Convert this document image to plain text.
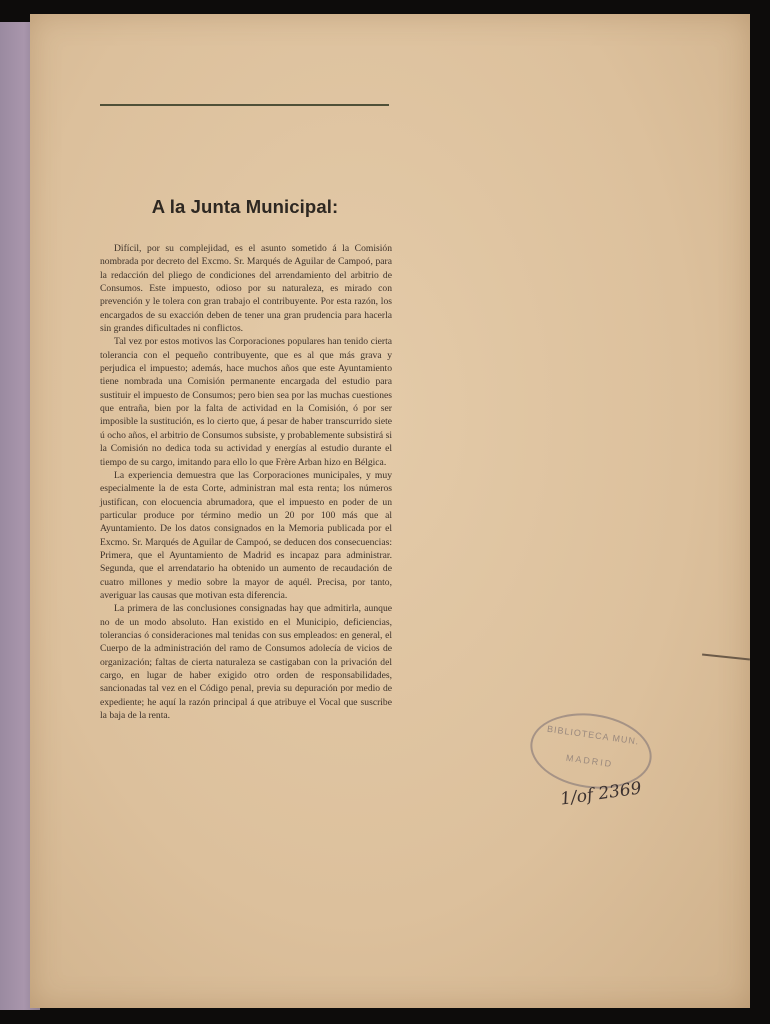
A la Junta Municipal:

Difícil, por su complejidad, es el asunto sometido á la Comisión nombrada por decreto del Excmo. Sr. Marqués de Aguilar de Campoó, para la redacción del pliego de condiciones del arrendamiento del arbitrio de Consumos. Este impuesto, odioso por su naturaleza, es mirado con prevención y le tolera con gran trabajo el contribuyente. Por esta razón, los encargados de su exacción deben de tener una gran prudencia para hacerla sin grandes dificultades ni conflictos.

Tal vez por estos motivos las Corporaciones populares han tenido cierta tolerancia con el pequeño contribuyente, que es al que más grava y perjudica el impuesto; además, hace muchos años que este Ayuntamiento tiene nombrada una Comisión permanente encargada del estudio para sustituir el impuesto de Consumos; pero bien sea por las muchas cuestiones que entraña, bien por la falta de actividad en la Comisión, ó por ser imposible la sustitución, es lo cierto que, á pesar de haber transcurrido siete ú ocho años, el arbitrio de Consumos subsiste, y probablemente subsistirá si la Comisión no dedica toda su actividad y energías al estudio durante el tiempo de su cargo, imitando para ello lo que Frère Arban hizo en Bélgica.

La experiencia demuestra que las Corporaciones municipales, y muy especialmente la de esta Corte, administran mal esta renta; los números justifican, con elocuencia abrumadora, que el impuesto en poder de un particular produce por término medio un 20 por 100 más que al Ayuntamiento. De los datos consignados en la Memoria publicada por el Excmo. Sr. Marqués de Aguilar de Campoó, se deducen dos consecuencias: Primera, que el Ayuntamiento de Madrid es incapaz para administrar. Segunda, que el arrendatario ha obtenido un aumento de recaudación de cuatro millones y medio sobre la mayor de aquél. Precisa, por tanto, averiguar las causas que motivan esta diferencia.

La primera de las conclusiones consignadas hay que admitirla, aunque no de un modo absoluto. Han existido en el Municipio, deficiencias, tolerancias ó consideraciones mal tenidas con sus empleados: en general, el Cuerpo de la administración del ramo de Consumos adolecía de vicios de organización; faltas de cierta naturaleza se castigaban con la privación del cargo, en lugar de haber exigido otro orden de responsabilidades, sancionadas tal vez en el Código penal, previa su depuración por medio de expediente; he aquí la razón principal á que atribuye el Vocal que suscribe la baja de la renta.

BIBLIOTECA MUN.
MADRID
1/of 2369
